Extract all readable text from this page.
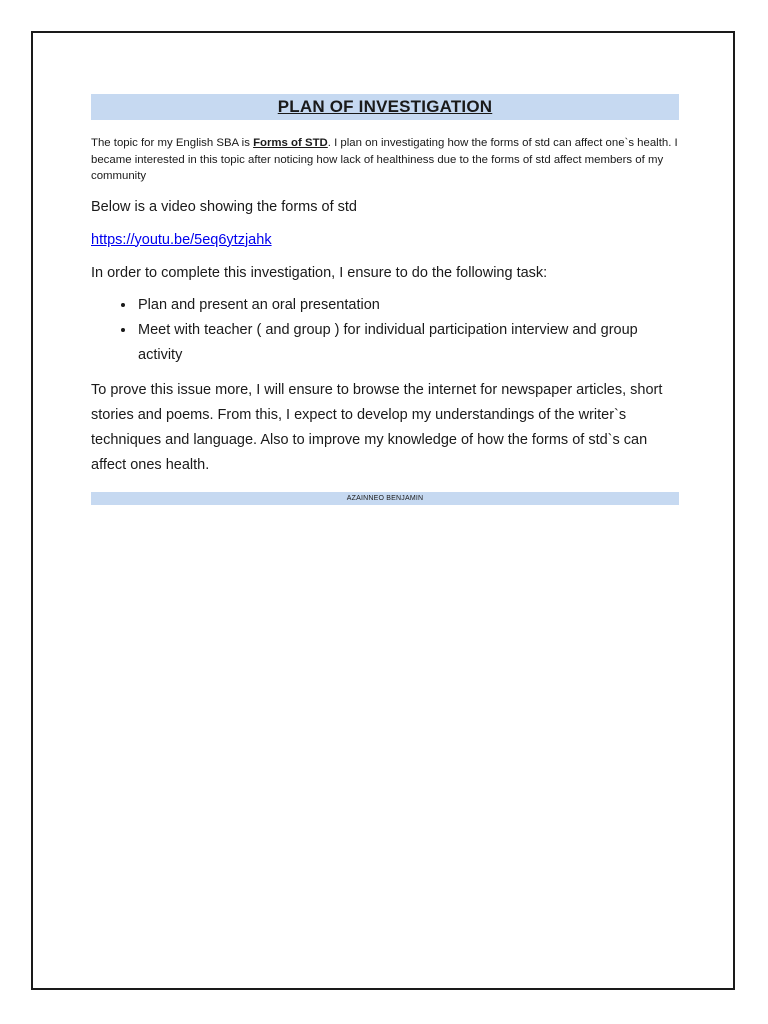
PLAN OF INVESTIGATION

The topic for my English SBA is Forms of STD. I plan on investigating how the forms of std can affect one`s health. I became interested in this topic after noticing how lack of healthiness due to the forms of std affect members of my community

Below is a video showing the forms of std
https://youtu.be/5eq6ytzjahk
In order to complete this investigation, I ensure to do the following task:
• Plan and present an oral presentation
• Meet with teacher ( and group ) for individual participation interview and group activity
To prove this issue more, I will ensure to browse the internet for newspaper articles, short stories and poems. From this, I expect to develop my understandings of the writer`s techniques and language. Also to improve my knowledge of how the forms of std`s can affect ones health.
AZAINNEO BENJAMIN
